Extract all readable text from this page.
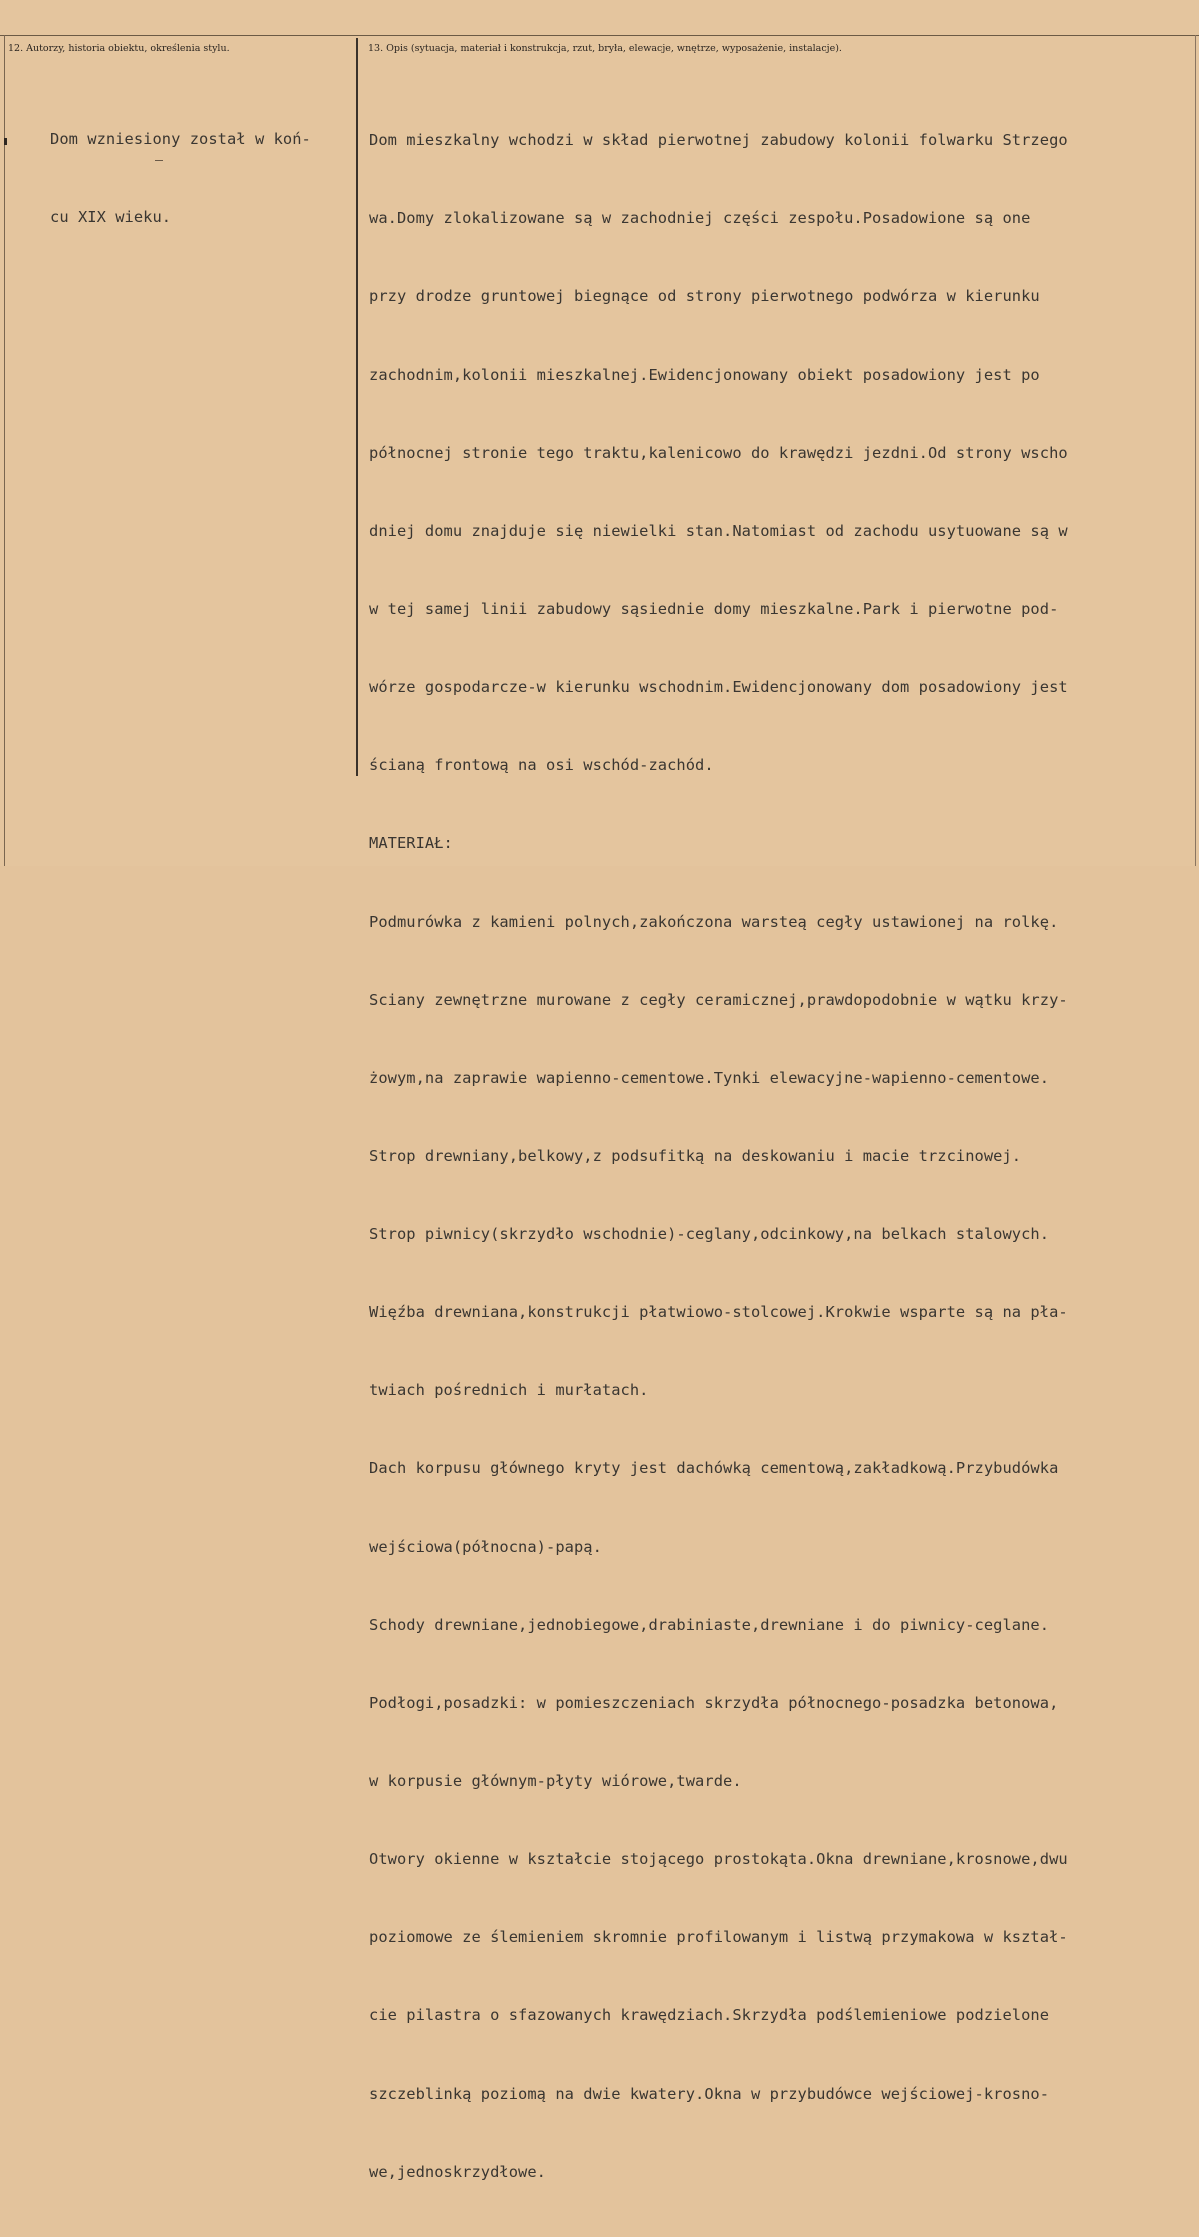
12. Autorzy, historia obiektu, określenia stylu.	13. Opis (sytuacja, materiał i konstrukcja, rzut, bryła, elewacje, wnętrze, wyposażenie, instalacje).

Dom wzniesiony został w koń-

cu XIX wieku.

Dom mieszkalny wchodzi w skład pierwotnej zabudowy kolonii folwarku Strzego

wa.Domy zlokalizowane są w zachodniej części zespołu.Posadowione są one

przy drodze gruntowej biegnące od strony pierwotnego podwórza w kierunku

zachodnim,kolonii mieszkalnej.Ewidencjonowany obiekt posadowiony jest po

północnej stronie tego traktu,kalenicowo do krawędzi jezdni.Od strony wscho

dniej domu znajduje się niewielki stan.Natomiast od zachodu usytuowane są w

w tej samej linii zabudowy sąsiednie domy mieszkalne.Park i pierwotne pod-

wórze gospodarcze-w kierunku wschodnim.Ewidencjonowany dom posadowiony jest

ścianą frontową na osi wschód-zachód.

MATERIAŁ:

Podmurówka z kamieni polnych,zakończona warsteą cegły ustawionej na rolkę.

Sciany zewnętrzne murowane z cegły ceramicznej,prawdopodobnie w wątku krzy-

żowym,na zaprawie wapienno-cementowe.Tynki elewacyjne-wapienno-cementowe.

Strop drewniany,belkowy,z podsufitką na deskowaniu i macie trzcinowej.

Strop piwnicy(skrzydło wschodnie)-ceglany,odcinkowy,na belkach stalowych.

Więźba drewniana,konstrukcji płatwiowo-stolcowej.Krokwie wsparte są na pła-

twiach pośrednich i murłatach.

Dach korpusu głównego kryty jest dachówką cementową,zakładkową.Przybudówka

wejściowa(północna)-papą.

Schody drewniane,jednobiegowe,drabiniaste,drewniane i do piwnicy-ceglane.

Podłogi,posadzki: w pomieszczeniach skrzydła północnego-posadzka betonowa,

w korpusie głównym-płyty wiórowe,twarde.

Otwory okienne w kształcie stojącego prostokąta.Okna drewniane,krosnowe,dwu

poziomowe ze ślemieniem skromnie profilowanym i listwą przymakowa w kształ-

cie pilastra o sfazowanych krawędziach.Skrzydła podślemieniowe podzielone

szczeblinką poziomą na dwie kwatery.Okna w przybudówce wejściowej-krosno-

we,jednoskrzydłowe.
